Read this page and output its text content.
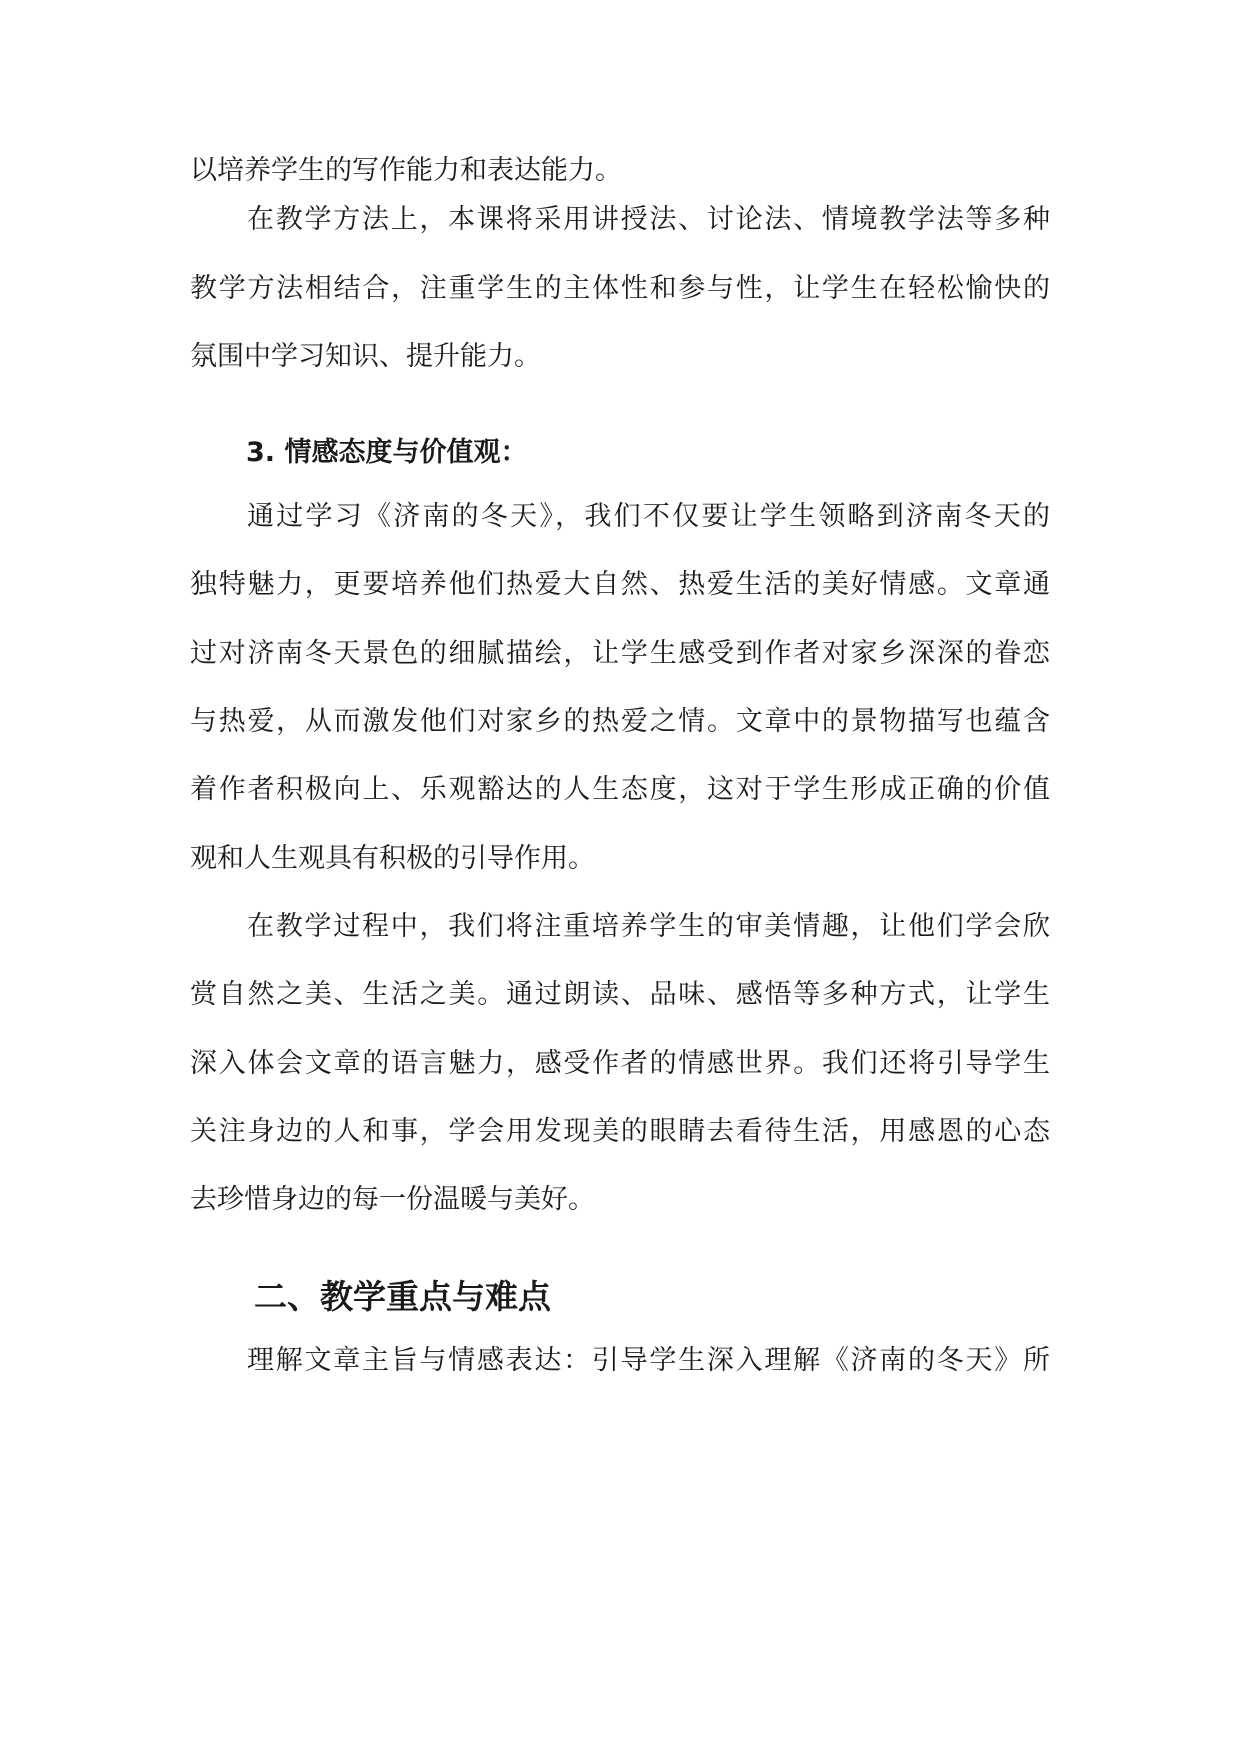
以培养学生的写作能力和表达能力。
在教学方法上，本课将采用讲授法、讨论法、情境教学法等多种
教学方法相结合，注重学生的主体性和参与性，让学生在轻松愉快的
氛围中学习知识、提升能力。
3. 情感态度与价值观：
通过学习《济南的冬天》，我们不仅要让学生领略到济南冬天的
独特魅力，更要培养他们热爱大自然、热爱生活的美好情感。文章通
过对济南冬天景色的细腻描绘，让学生感受到作者对家乡深深的眷恋
与热爱，从而激发他们对家乡的热爱之情。文章中的景物描写也蕴含
着作者积极向上、乐观豁达的人生态度，这对于学生形成正确的价值
观和人生观具有积极的引导作用。
在教学过程中，我们将注重培养学生的审美情趣，让他们学会欣
赏自然之美、生活之美。通过朗读、品味、感悟等多种方式，让学生
深入体会文章的语言魅力，感受作者的情感世界。我们还将引导学生
关注身边的人和事，学会用发现美的眼睛去看待生活，用感恩的心态
去珍惜身边的每一份温暖与美好。
二、教学重点与难点
理解文章主旨与情感表达：引导学生深入理解《济南的冬天》所
